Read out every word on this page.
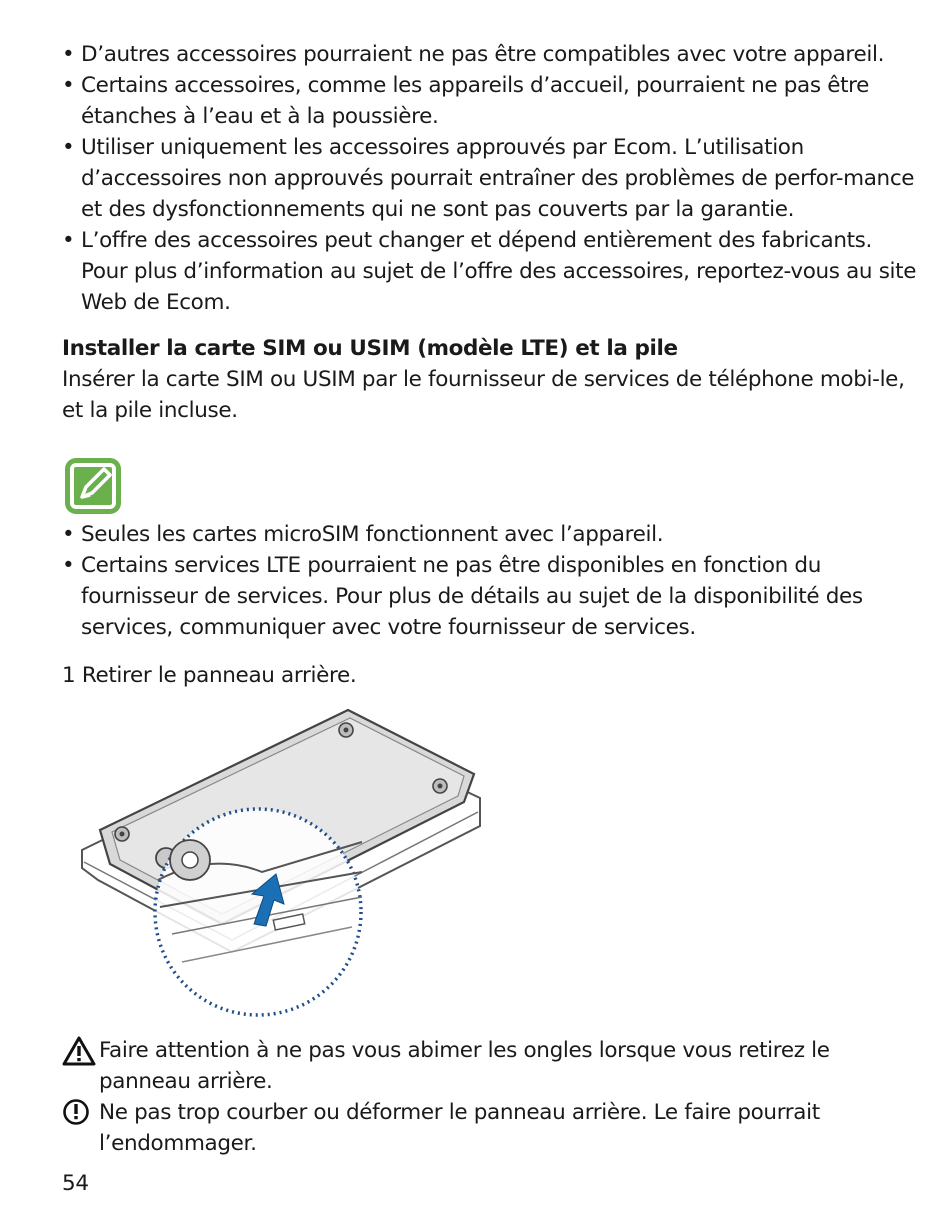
• D’autres accessoires pourraient ne pas être compatibles avec votre appareil.
• Certains accessoires, comme les appareils d’accueil, pourraient ne pas être étanches à l’eau et à la poussière.
• Utiliser uniquement les accessoires approuvés par Ecom. L’utilisation d’accessoires non approuvés pourrait entraîner des problèmes de perfor-mance et des dysfonctionnements qui ne sont pas couverts par la garantie.
• L’offre des accessoires peut changer et dépend entièrement des fabricants. Pour plus d’information au sujet de l’offre des accessoires, reportez-vous au site Web de Ecom.
Installer la carte SIM ou USIM (modèle LTE) et la pile
Insérer la carte SIM ou USIM par le fournisseur de services de téléphone mobi-le, et la pile incluse.
• Seules les cartes microSIM fonctionnent avec l’appareil.
• Certains services LTE pourraient ne pas être disponibles en fonction du fournisseur de services. Pour plus de détails au sujet de la disponibilité des services, communiquer avec votre fournisseur de services.
1 Retirer le panneau arrière.
Faire attention à ne pas vous abimer les ongles lorsque vous retirez le panneau arrière.
Ne pas trop courber ou déformer le panneau arrière. Le faire pourrait l’endommager.
54
